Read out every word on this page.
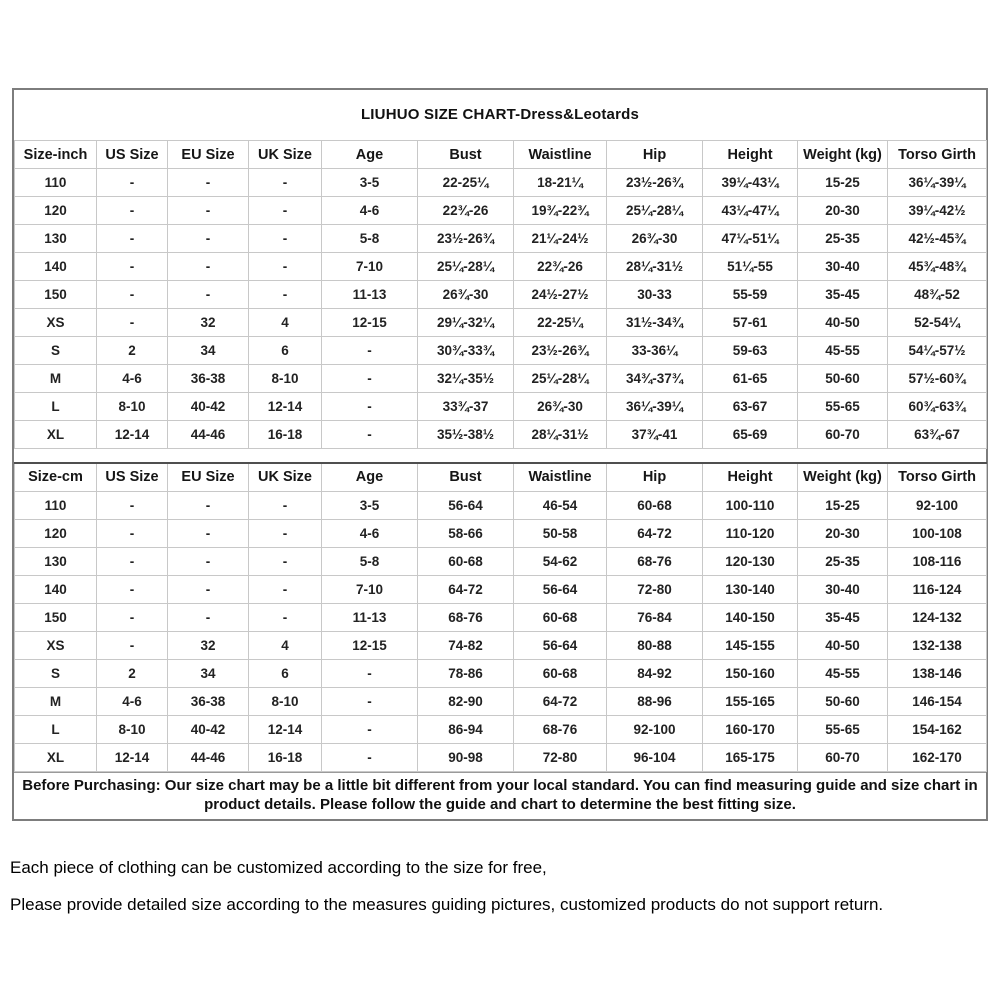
LIUHUO SIZE CHART-Dress&Leotards
Size-inch	US Size	EU Size	UK Size	Age	Bust	Waistline	Hip	Height	Weight (kg)	Torso Girth
110	-	-	-	3-5	22-25¼	18-21¼	23½-26¾	39¼-43¼	15-25	36¼-39¼
120	-	-	-	4-6	22¾-26	19¾-22¾	25¼-28¼	43¼-47¼	20-30	39¼-42½
130	-	-	-	5-8	23½-26¾	21¼-24½	26¾-30	47¼-51¼	25-35	42½-45¾
140	-	-	-	7-10	25¼-28¼	22¾-26	28¼-31½	51¼-55	30-40	45¾-48¾
150	-	-	-	11-13	26¾-30	24½-27½	30-33	55-59	35-45	48¾-52
XS	-	32	4	12-15	29¼-32¼	22-25¼	31½-34¾	57-61	40-50	52-54¼
S	2	34	6	-	30¾-33¾	23½-26¾	33-36¼	59-63	45-55	54¼-57½
M	4-6	36-38	8-10	-	32¼-35½	25¼-28¼	34¾-37¾	61-65	50-60	57½-60¾
L	8-10	40-42	12-14	-	33¾-37	26¾-30	36¼-39¼	63-67	55-65	60¾-63¾
XL	12-14	44-46	16-18	-	35½-38½	28¼-31½	37¾-41	65-69	60-70	63¾-67
Size-cm	US Size	EU Size	UK Size	Age	Bust	Waistline	Hip	Height	Weight (kg)	Torso Girth
110	-	-	-	3-5	56-64	46-54	60-68	100-110	15-25	92-100
120	-	-	-	4-6	58-66	50-58	64-72	110-120	20-30	100-108
130	-	-	-	5-8	60-68	54-62	68-76	120-130	25-35	108-116
140	-	-	-	7-10	64-72	56-64	72-80	130-140	30-40	116-124
150	-	-	-	11-13	68-76	60-68	76-84	140-150	35-45	124-132
XS	-	32	4	12-15	74-82	56-64	80-88	145-155	40-50	132-138
S	2	34	6	-	78-86	60-68	84-92	150-160	45-55	138-146
M	4-6	36-38	8-10	-	82-90	64-72	88-96	155-165	50-60	146-154
L	8-10	40-42	12-14	-	86-94	68-76	92-100	160-170	55-65	154-162
XL	12-14	44-46	16-18	-	90-98	72-80	96-104	165-175	60-70	162-170
Before Purchasing: Our size chart may be a little bit different from your local standard. You can find measuring guide and size chart in
product details. Please follow the guide and chart to determine the best fitting size.

Each piece of clothing can be customized according to the size for free,

Please provide detailed size according to the measures guiding pictures, customized products do not support return.
